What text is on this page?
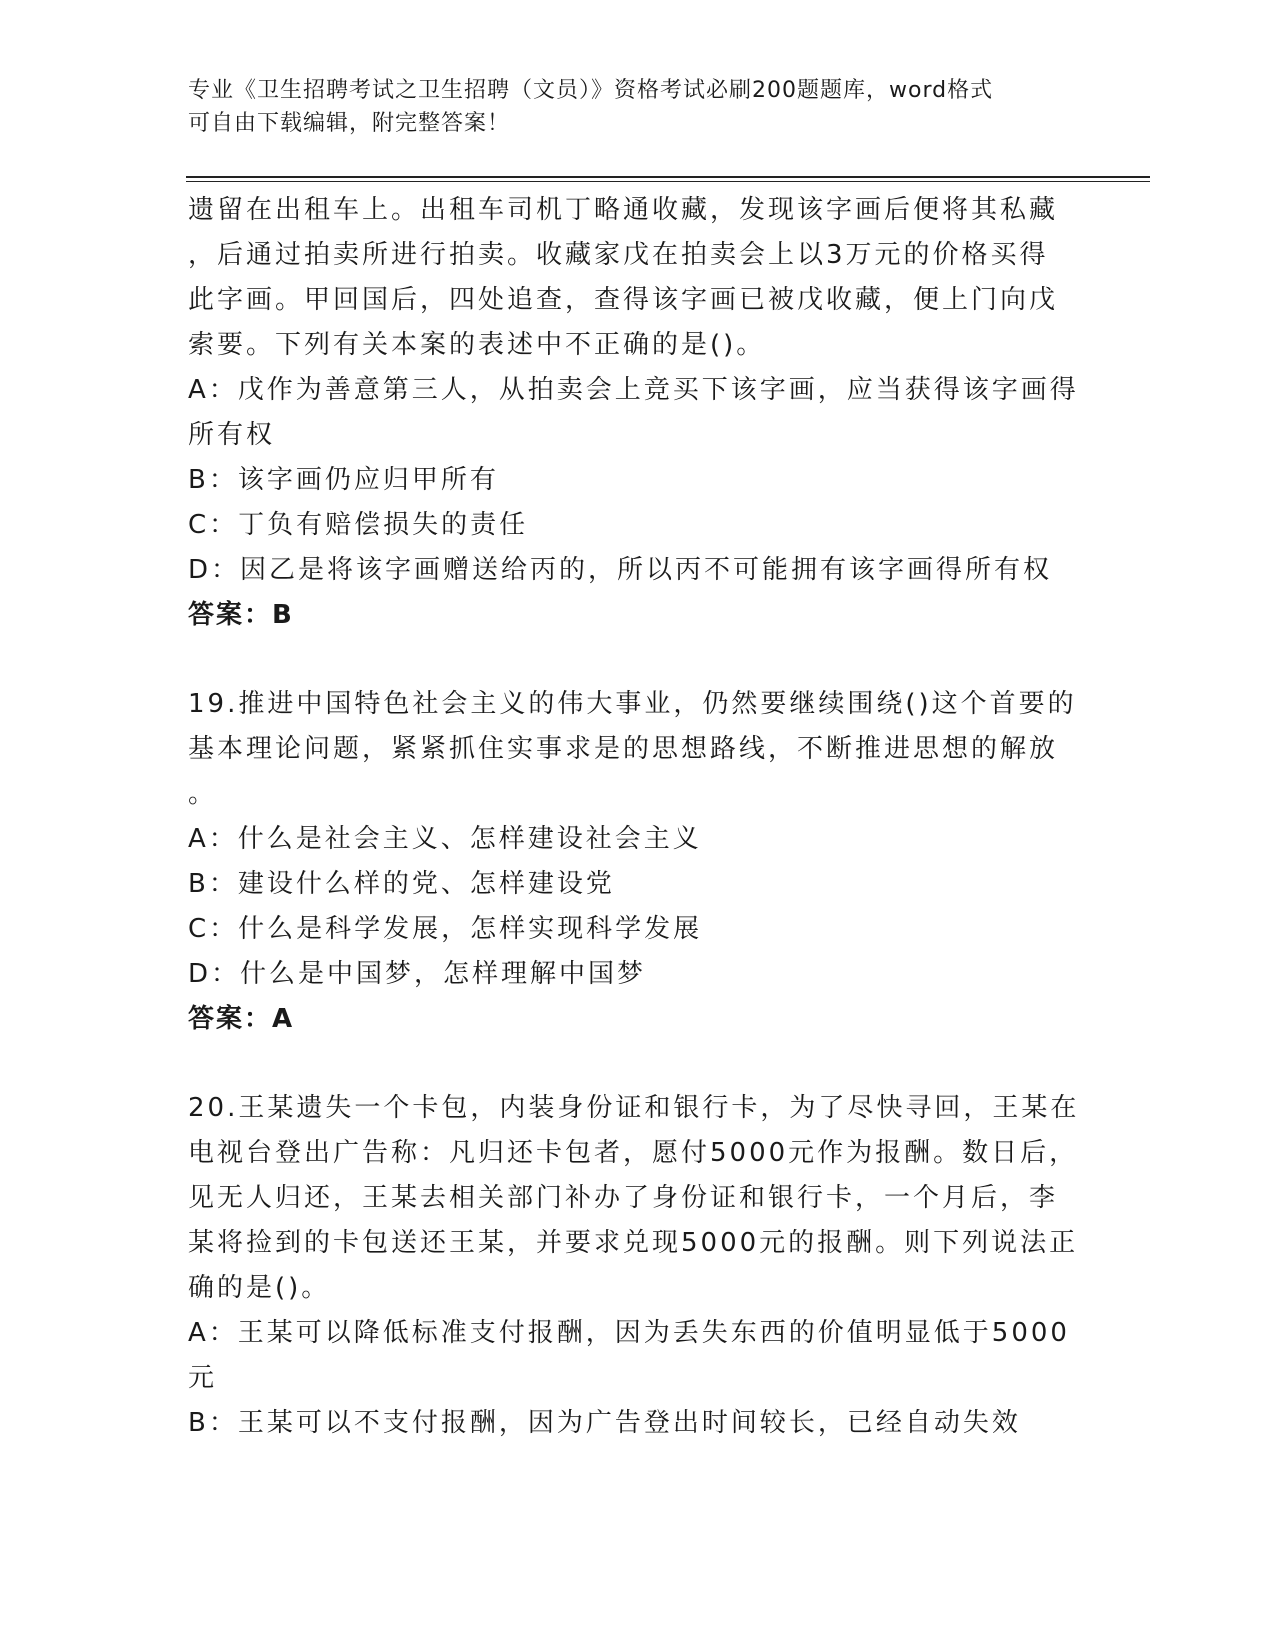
专业《卫生招聘考试之卫生招聘（文员）》资格考试必刷200题题库，word格式
可自由下载编辑，附完整答案！
遗留在出租车上。出租车司机丁略通收藏，发现该字画后便将其私藏
，后通过拍卖所进行拍卖。收藏家戊在拍卖会上以3万元的价格买得
此字画。甲回国后，四处追查，查得该字画已被戊收藏，便上门向戊
索要。下列有关本案的表述中不正确的是()。
A：戊作为善意第三人，从拍卖会上竞买下该字画，应当获得该字画得
所有权
B：该字画仍应归甲所有
C：丁负有赔偿损失的责任
D：因乙是将该字画赠送给丙的，所以丙不可能拥有该字画得所有权
答案：B
19.推进中国特色社会主义的伟大事业，仍然要继续围绕()这个首要的
基本理论问题，紧紧抓住实事求是的思想路线，不断推进思想的解放
。
A：什么是社会主义、怎样建设社会主义
B：建设什么样的党、怎样建设党
C：什么是科学发展，怎样实现科学发展
D：什么是中国梦，怎样理解中国梦
答案：A
20.王某遗失一个卡包，内装身份证和银行卡，为了尽快寻回，王某在
电视台登出广告称：凡归还卡包者，愿付5000元作为报酬。数日后，
见无人归还，王某去相关部门补办了身份证和银行卡，一个月后，李
某将捡到的卡包送还王某，并要求兑现5000元的报酬。则下列说法正
确的是()。
A：王某可以降低标准支付报酬，因为丢失东西的价值明显低于5000
元
B：王某可以不支付报酬，因为广告登出时间较长，已经自动失效
